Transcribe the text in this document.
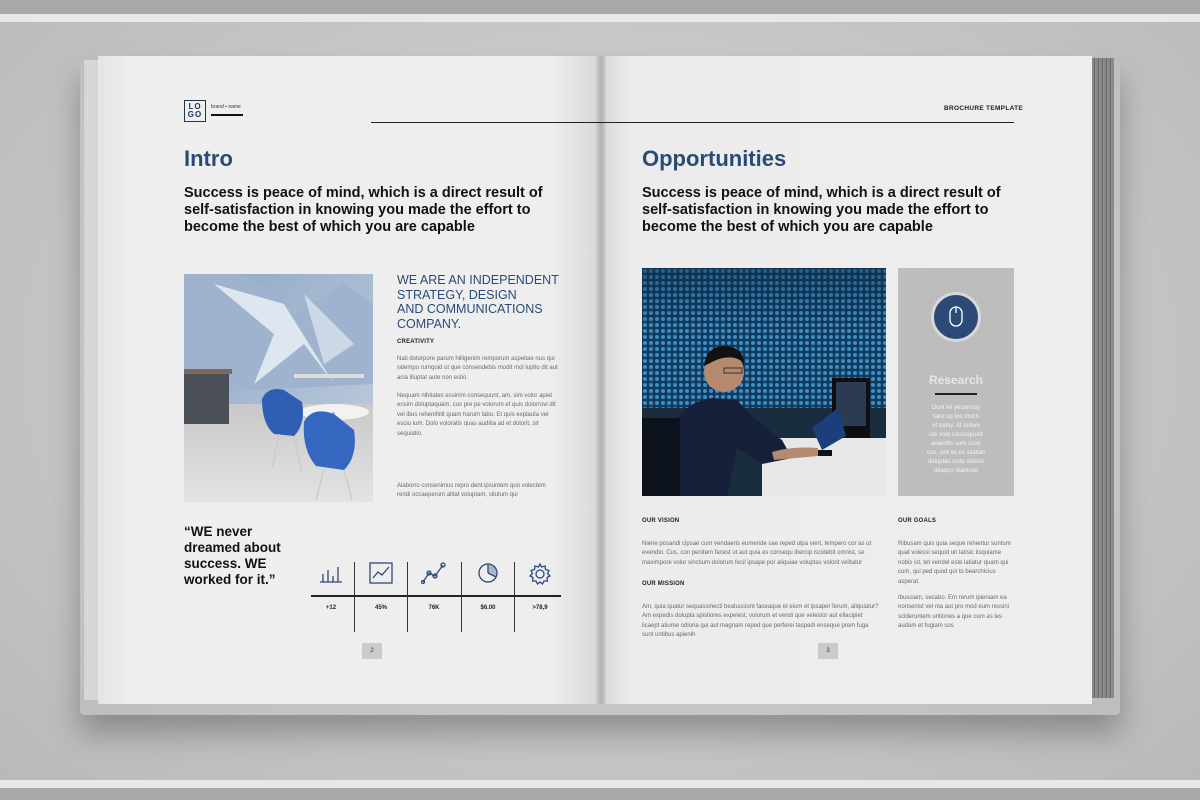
LO GO
brand • name
Intro
Success is peace of mind, which is a direct result of self-satisfaction in knowing you made the effort to become the best of which you are capable
WE ARE AN INDEPENDENT
STRATEGY, DESIGN
AND COMMUNICATIONS
COMPANY.
CREATIVITY
Nati dotorpore parum hilligenim remporum aspeitae nus qui ratempo rumquid ut que consendebis modit mol luptio dit aut acia illuptat aute non estio.
Nequam nihitates essinim consequunt, am, sim volor apiet ensim doluptaquam, cus pre pe volorum et quis dolorrovi dit vel ibus rehenihilit quam harum labo. Et quis explauta vel escio ium. Dolo voloratis quas auditia ad et dolorit, sit sequiatio.
Alaborro consenimus repro dent ipsuntem quo volectem rendi occaeperum alitat voluptam, situtum qui
“WE never
dreamed about
success. WE
worked for it.”
+12	45%	76K	$6.00	>78,9
2
BROCHURE TEMPLATE
Opportunities
Success is peace of mind, which is a direct result of self-satisfaction in knowing you made the effort to become the best of which you are capable
Research
Dont let yesterday
take up too much
of today. At autem
ute volo consequunt
aniandis sum solor
cus, sint as ex sitatias
doluptas sinte deleris
ditaquo diamusd
OUR VISION
Niene posandi cipsae cum vendaeris eumende sae reped ulpa vent, tempero cor as ut evendio. Cus, con penitem facest ut aut quia es consequ ibercip iscidebit omnist, se maximpore volor sinctium dolorum fecil ipsape por aliquiae voluptas volorit velitatur
OUR MISSION
Am, quia quatur sequassinecti beatusciunt faceaque et eium et ipsaper ferum, aliquiatur? Am expedis dolupta spistiores expelest, volorum et vendi que velestor aut ellacipiet licaept atiume odioria qui aut magnam reped que perferei taspedi enseque prem fuga sunt untibus apienih
OUR GOALS
Ribusam quis quia seque rehentur suntum quat volessi sequid un latisic iisquiame nobis ist, tet vendel este latiatur quam qui cum, qui ped quod qui to bearchicius asperat.
Ibusciam, secabo. Em rerum ipieniam ea nonsenist vel ma aut pro mod eum ressini scideruntem untiones a que cum as les audam et fugiam sos
3
